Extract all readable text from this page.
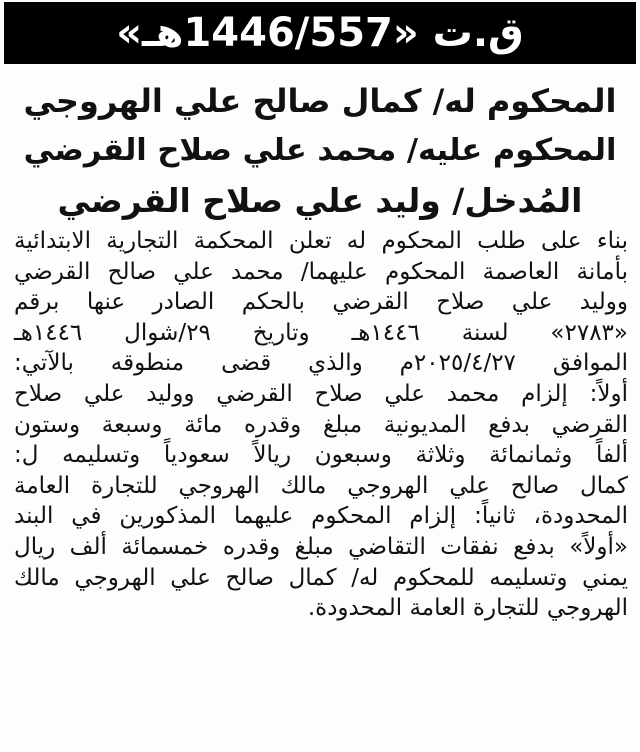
ق.ت «1446/557هـ»
المحكوم له/ كمال صالح علي الهروجي
المحكوم عليه/ محمد علي صلاح القرضي
المُدخل/ وليد علي صلاح القرضي
بناء على طلب المحكوم له تعلن المحكمة التجارية الابتدائية
بأمانة العاصمة المحكوم عليهما/ محمد علي صالح القرضي
ووليد علي صلاح القرضي بالحكم الصادر عنها برقم
«٢٧٨٣» لسنة ١٤٤٦هـ وتاريخ ٢٩/شوال ١٤٤٦هـ
الموافق ٢٠٢٥/٤/٢٧م والذي قضى منطوقه بالآتي:
أولاً: إلزام محمد علي صلاح القرضي ووليد علي صلاح
القرضي بدفع المديونية مبلغ وقدره مائة وسبعة وستون
ألفاً وثمانمائة وثلاثة وسبعون ريالاً سعودياً وتسليمه ل:
كمال صالح علي الهروجي مالك الهروجي للتجارة العامة
المحدودة، ثانياً: إلزام المحكوم عليهما المذكورين في البند
«أولاً» بدفع نفقات التقاضي مبلغ وقدره خمسمائة ألف ريال
يمني وتسليمه للمحكوم له/ كمال صالح علي الهروجي مالك
الهروجي للتجارة العامة المحدودة.
